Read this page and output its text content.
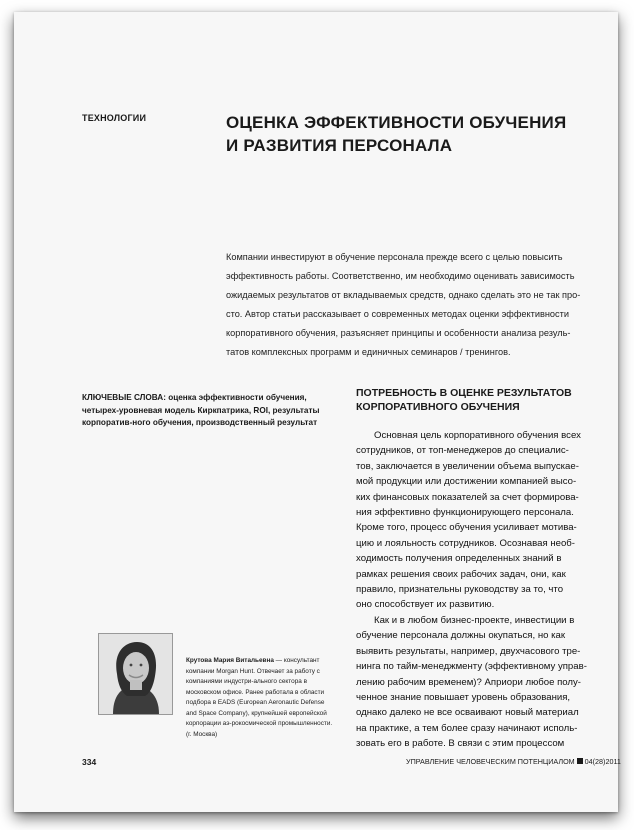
ТЕХНОЛОГИИ	ОЦЕНКА ЭФФЕКТИВНОСТИ ОБУЧЕНИЯ
И РАЗВИТИЯ ПЕРСОНАЛА
Компании инвестируют в обучение персонала прежде всего с целью повысить
эффективность работы. Соответственно, им необходимо оценивать зависимость
ожидаемых результатов от вкладываемых средств, однако сделать это не так про-
сто. Автор статьи рассказывает о современных методах оценки эффективности
корпоративного обучения, разъясняет принципы и особенности анализа резуль-
татов комплексных программ и единичных семинаров / тренингов.
КЛЮЧЕВЫЕ СЛОВА: оценка эффективности обучения, четырех-уровневая модель Киркпатрика, ROI, результаты корпоратив-ного обучения, производственный результат
ПОТРЕБНОСТЬ В ОЦЕНКЕ РЕЗУЛЬТАТОВ
КОРПОРАТИВНОГО ОБУЧЕНИЯ
Основная цель корпоративного обучения всех
сотрудников, от топ-менеджеров до специалис-
тов, заключается в увеличении объема выпускае-
мой продукции или достижении компанией высо-
ких финансовых показателей за счет формирова-
ния эффективно функционирующего персонала.
Кроме того, процесс обучения усиливает мотива-
цию и лояльность сотрудников. Осознавая необ-
ходимость получения определенных знаний в
рамках решения своих рабочих задач, они, как
правило, признательны руководству за то, что
оно способствует их развитию.
Как и в любом бизнес-проекте, инвестиции в
обучение персонала должны окупаться, но как
выявить результаты, например, двухчасового тре-
нинга по тайм-менеджменту (эффективному управ-
лению рабочим временем)? Априори любое полу-
ченное знание повышает уровень образования,
однако далеко не все осваивают новый материал
на практике, а тем более сразу начинают исполь-
зовать его в работе. В связи с этим процессом
Крутова Мария Витальевна — консультант компании Morgan Hunt. Отвечает за работу с компаниями индустри-ального сектора в московском офисе. Ранее работала в области подбора в EADS (European Aeronautic Defense and Space Company), крупнейшей европейской корпорации аэ-рокосмической промышленности. (г. Москва)
334	УПРАВЛЕНИЕ ЧЕЛОВЕЧЕСКИМ ПОТЕНЦИАЛОМ 04(28)2011
